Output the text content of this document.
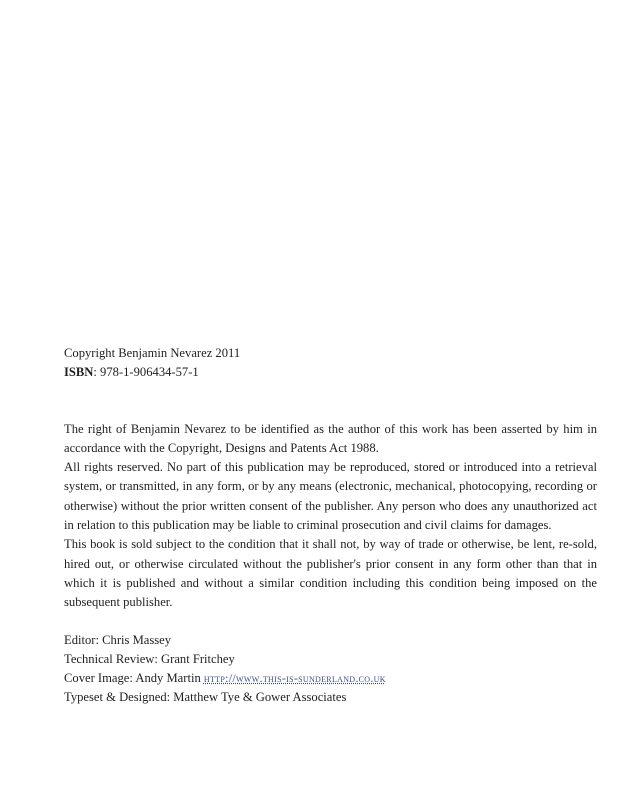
Copyright Benjamin Nevarez 2011

ISBN: 978-1-906434-57-1

The right of Benjamin Nevarez to be identified as the author of this work has been asserted by him in accordance with the Copyright, Designs and Patents Act 1988.

All rights reserved. No part of this publication may be reproduced, stored or introduced into a retrieval system, or transmitted, in any form, or by any means (electronic, mechanical, photocopying, recording or otherwise) without the prior written consent of the publisher. Any person who does any unauthorized act in relation to this publication may be liable to criminal prosecution and civil claims for damages.

This book is sold subject to the condition that it shall not, by way of trade or otherwise, be lent, re-sold, hired out, or otherwise circulated without the publisher's prior consent in any form other than that in which it is published and without a similar condition including this condition being imposed on the subsequent publisher.

Editor: Chris Massey

Technical Review: Grant Fritchey

Cover Image: Andy Martin http://www.this-is-sunderland.co.uk

Typeset & Designed: Matthew Tye & Gower Associates
